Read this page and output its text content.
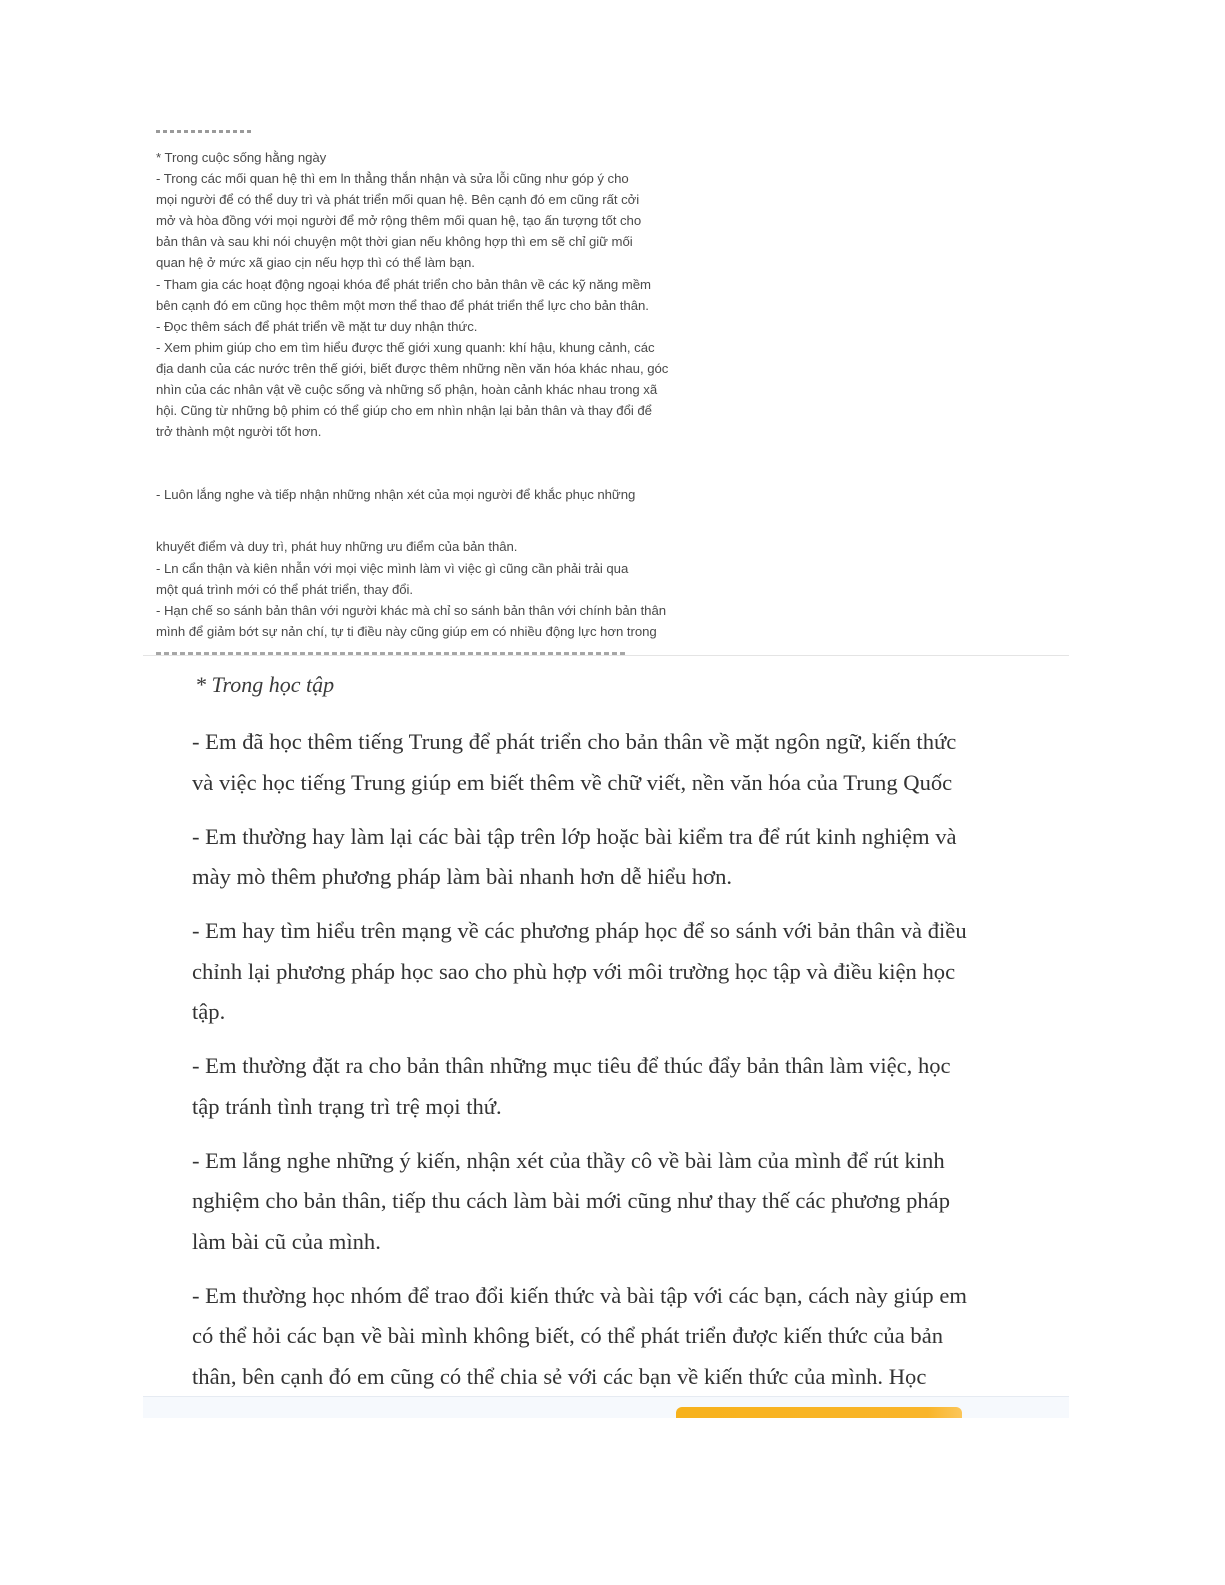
* Trong cuộc sống hằng ngày
- Trong các mối quan hệ thì em ln thẳng thắn nhận và sửa lỗi cũng như góp ý cho
mọi người để có thể duy trì và phát triển mối quan hệ. Bên cạnh đó em cũng rất cởi
mở và hòa đồng với mọi người để mở rộng thêm mối quan hệ, tạo ấn tượng tốt cho
bản thân và sau khi nói chuyện một thời gian nếu không hợp thì em sẽ chỉ giữ mối
quan hệ ở mức xã giao cịn nếu hợp thì có thể làm bạn.
- Tham gia các hoạt động ngoại khóa để phát triển cho bản thân về các kỹ năng mềm
bên cạnh đó em cũng học thêm một mơn thể thao để phát triển thể lực cho bản thân.
- Đọc thêm sách để phát triển về mặt tư duy nhận thức.
- Xem phim giúp cho em tìm hiểu được thế giới xung quanh: khí hậu, khung cảnh, các
địa danh của các nước trên thế giới, biết được thêm những nền văn hóa khác nhau, góc
nhìn của các nhân vật về cuộc sống và những số phận, hoàn cảnh khác nhau trong xã
hội. Cũng từ những bộ phim có thể giúp cho em nhìn nhận lại bản thân và thay đổi để
trở thành một người tốt hơn.
- Luôn lắng nghe và tiếp nhận những nhận xét của mọi người để khắc phục những
khuyết điểm và duy trì, phát huy những ưu điểm của bản thân.
- Ln cẩn thận và kiên nhẫn với mọi việc mình làm vì việc gì cũng cần phải trải qua
một quá trình mới có thể phát triển, thay đổi.
- Hạn chế so sánh bản thân với người khác mà chỉ so sánh bản thân với chính bản thân
mình để giảm bớt sự nản chí, tự ti điều này cũng giúp em có nhiều động lực hơn trong
* Trong học tập
- Em đã học thêm tiếng Trung để phát triển cho bản thân về mặt ngôn ngữ, kiến thức
và việc học tiếng Trung giúp em biết thêm về chữ viết, nền văn hóa của Trung Quốc
- Em thường hay làm lại các bài tập trên lớp hoặc bài kiểm tra để rút kinh nghiệm và
mày mò thêm phương pháp làm bài nhanh hơn dễ hiểu hơn.
- Em hay tìm hiểu trên mạng về các phương pháp học để so sánh với bản thân và điều
chỉnh lại phương pháp học sao cho phù hợp với môi trường học tập và điều kiện học
tập.
- Em thường đặt ra cho bản thân những mục tiêu để thúc đẩy bản thân làm việc, học
tập tránh tình trạng trì trệ mọi thứ.
- Em lắng nghe những ý kiến, nhận xét của thầy cô về bài làm của mình để rút kinh
nghiệm cho bản thân, tiếp thu cách làm bài mới cũng như thay thế các phương pháp
làm bài cũ của mình.
- Em thường học nhóm để trao đổi kiến thức và bài tập với các bạn, cách này giúp em
có thể hỏi các bạn về bài mình không biết, có thể phát triển được kiến thức của bản
thân, bên cạnh đó em cũng có thể chia sẻ với các bạn về kiến thức của mình. Học
